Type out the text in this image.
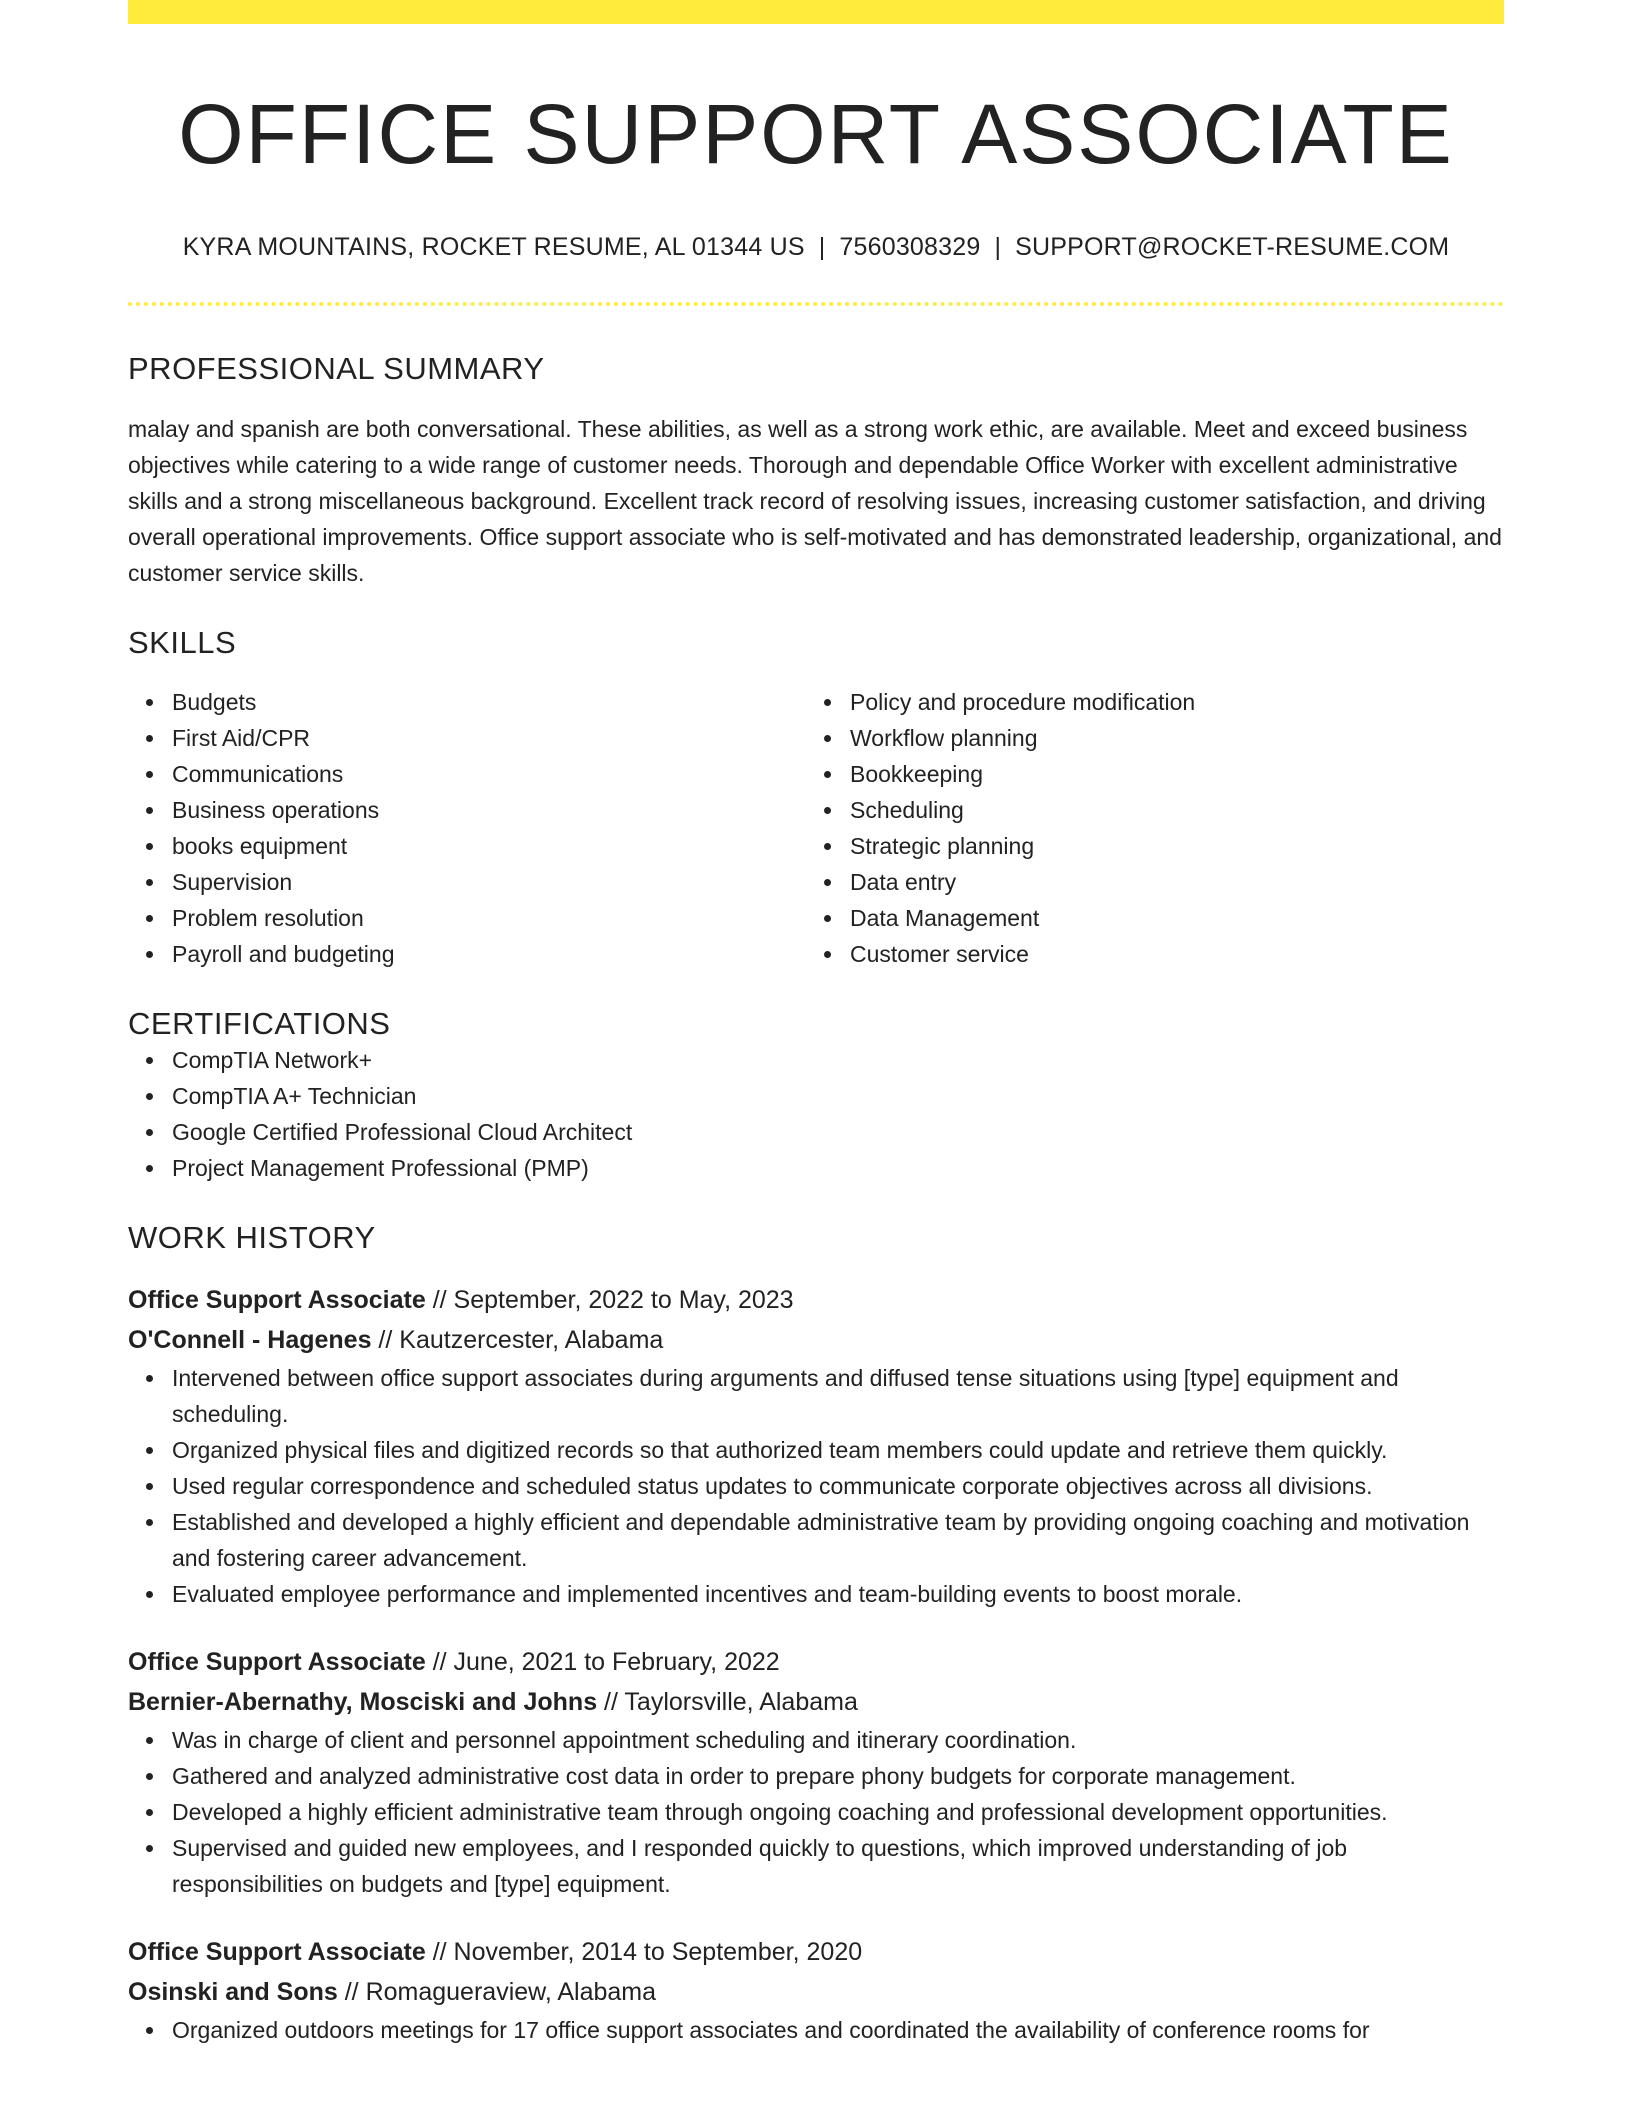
OFFICE SUPPORT ASSOCIATE
KYRA MOUNTAINS, ROCKET RESUME, AL 01344 US | 7560308329 | SUPPORT@ROCKET-RESUME.COM
PROFESSIONAL SUMMARY

malay and spanish are both conversational. These abilities, as well as a strong work ethic, are available. Meet and exceed business objectives while catering to a wide range of customer needs. Thorough and dependable Office Worker with excellent administrative skills and a strong miscellaneous background. Excellent track record of resolving issues, increasing customer satisfaction, and driving overall operational improvements. Office support associate who is self-motivated and has demonstrated leadership, organizational, and customer service skills.

SKILLS
Budgets
First Aid/CPR
Communications
Business operations
books equipment
Supervision
Problem resolution
Payroll and budgeting
Policy and procedure modification
Workflow planning
Bookkeeping
Scheduling
Strategic planning
Data entry
Data Management
Customer service
CERTIFICATIONS
CompTIA Network+
CompTIA A+ Technician
Google Certified Professional Cloud Architect
Project Management Professional (PMP)
WORK HISTORY
Office Support Associate // September, 2022 to May, 2023
O'Connell - Hagenes // Kautzercester, Alabama
Intervened between office support associates during arguments and diffused tense situations using [type] equipment and scheduling.
Organized physical files and digitized records so that authorized team members could update and retrieve them quickly.
Used regular correspondence and scheduled status updates to communicate corporate objectives across all divisions.
Established and developed a highly efficient and dependable administrative team by providing ongoing coaching and motivation and fostering career advancement.
Evaluated employee performance and implemented incentives and team-building events to boost morale.
Office Support Associate // June, 2021 to February, 2022
Bernier-Abernathy, Mosciski and Johns // Taylorsville, Alabama
Was in charge of client and personnel appointment scheduling and itinerary coordination.
Gathered and analyzed administrative cost data in order to prepare phony budgets for corporate management.
Developed a highly efficient administrative team through ongoing coaching and professional development opportunities.
Supervised and guided new employees, and I responded quickly to questions, which improved understanding of job responsibilities on budgets and [type] equipment.
Office Support Associate // November, 2014 to September, 2020
Osinski and Sons // Romagueraview, Alabama
Organized outdoors meetings for 17 office support associates and coordinated the availability of conference rooms for
